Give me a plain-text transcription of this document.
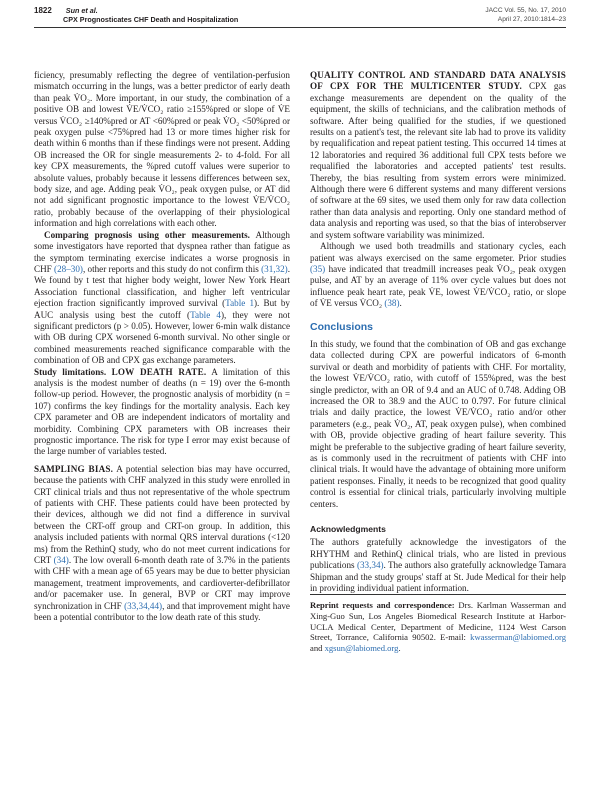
1822 Sun et al.
CPX Prognosticates CHF Death and Hospitalization
JACC Vol. 55, No. 17, 2010
April 27, 2010:1814–23

ficiency, presumably reflecting the degree of ventilation-perfusion mismatch occurring in the lungs, was a better predictor of early death than peak V̇O₂. More important, in our study, the combination of a positive OB and lowest V̇E/V̇CO₂ ratio ≥155%pred or slope of V̇E versus V̇CO₂ ≥140%pred or AT <60%pred or peak V̇O₂ <50%pred or peak oxygen pulse <75%pred had 13 or more times higher risk for death within 6 months than if these findings were not present. Adding OB increased the OR for single measurements 2- to 4-fold. For all key CPX measurements, the %pred cutoff values were superior to absolute values, probably because it lessens differences between sex, body size, and age. Adding peak V̇O₂, peak oxygen pulse, or AT did not add significant prognostic importance to the lowest V̇E/V̇CO₂ ratio, probably because of the overlapping of their physiological information and high correlations with each other.

Comparing prognosis using other measurements. Although some investigators have reported that dyspnea rather than fatigue as the symptom terminating exercise indicates a worse prognosis in CHF (28–30), other reports and this study do not confirm this (31,32). We found by t test that higher body weight, lower New York Heart Association functional classification, and higher left ventricular ejection fraction significantly improved survival (Table 1). But by AUC analysis using best the cutoff (Table 4), they were not significant predictors (p > 0.05). However, lower 6-min walk distance with OB during CPX worsened 6-month survival. No other single or combined measurements reached significance comparable with the combination of OB and CPX gas exchange parameters.

Study limitations. LOW DEATH RATE. A limitation of this analysis is the modest number of deaths (n = 19) over the 6-month follow-up period. However, the prognostic analysis of morbidity (n = 107) confirms the key findings for the mortality analysis. Each key CPX parameter and OB are independent indicators of mortality and morbidity. Combining CPX parameters with OB increases their prognostic importance. The risk for type I error may exist because of the large number of variables tested.

SAMPLING BIAS. A potential selection bias may have occurred, because the patients with CHF analyzed in this study were enrolled in CRT clinical trials and thus not representative of the whole spectrum of patients with CHF. These patients could have been protected by their devices, although we did not find a difference in survival between the CRT-off group and CRT-on group. In addition, this analysis included patients with normal QRS interval durations (<120 ms) from the RethinQ study, who do not meet current indications for CRT (34). The low overall 6-month death rate of 3.7% in the patients with CHF with a mean age of 65 years may be due to better physician management, treatment improvements, and cardioverter-defibrillator and/or pacemaker use. In general, BVP or CRT may improve synchronization in CHF (33,34,44), and that improvement might have been a potential contributor to the low death rate of this study.

QUALITY CONTROL AND STANDARD DATA ANALYSIS OF CPX FOR THE MULTICENTER STUDY. CPX gas exchange measurements are dependent on the quality of the equipment, the skills of technicians, and the calibration methods of software. After being qualified for the studies, if we questioned results on a patient's test, the relevant site lab had to prove its validity by requalification and repeat patient testing. This occurred 14 times at 12 laboratories and required 36 additional full CPX tests before we requalified the laboratories and accepted patients' test results. Thereby, the bias resulting from system errors were minimized. Although there were 6 different systems and many different versions of software at the 69 sites, we used them only for raw data collection rather than data analysis and reporting. Only one standard method of data analysis and reporting was used, so that the bias of interobserver and system software variability was minimized.

Although we used both treadmills and stationary cycles, each patient was always exercised on the same ergometer. Prior studies (35) have indicated that treadmill increases peak V̇O₂, peak oxygen pulse, and AT by an average of 11% over cycle values but does not influence peak heart rate, peak V̇E, lowest V̇E/V̇CO₂ ratio, or slope of V̇E versus V̇CO₂ (38).

Conclusions

In this study, we found that the combination of OB and gas exchange data collected during CPX are powerful indicators of 6-month survival or death and morbidity of patients with CHF. For mortality, the lowest V̇E/V̇CO₂ ratio, with cutoff of 155%pred, was the best single predictor, with an OR of 9.4 and an AUC of 0.748. Adding OB increased the OR to 38.9 and the AUC to 0.797. For future clinical trials and daily practice, the lowest V̇E/V̇CO₂ ratio and/or other parameters (e.g., peak V̇O₂, AT, peak oxygen pulse), when combined with OB, provide objective grading of heart failure severity. This might be preferable to the subjective grading of heart failure severity, as is commonly used in the recruitment of patients with CHF into clinical trials. It would have the advantage of obtaining more uniform patient responses. Finally, it needs to be recognized that good quality control is essential for clinical trials, particularly involving multiple centers.

Acknowledgments

The authors gratefully acknowledge the investigators of the RHYTHM and RethinQ clinical trials, who are listed in previous publications (33,34). The authors also gratefully acknowledge Tamara Shipman and the study groups' staff at St. Jude Medical for their help in providing individual patient information.

Reprint requests and correspondence: Drs. Karlman Wasserman and Xing-Guo Sun, Los Angeles Biomedical Research Institute at Harbor-UCLA Medical Center, Department of Medicine, 1124 West Carson Street, Torrance, California 90502. E-mail: kwasserman@labiomed.org and xgsun@labiomed.org.
